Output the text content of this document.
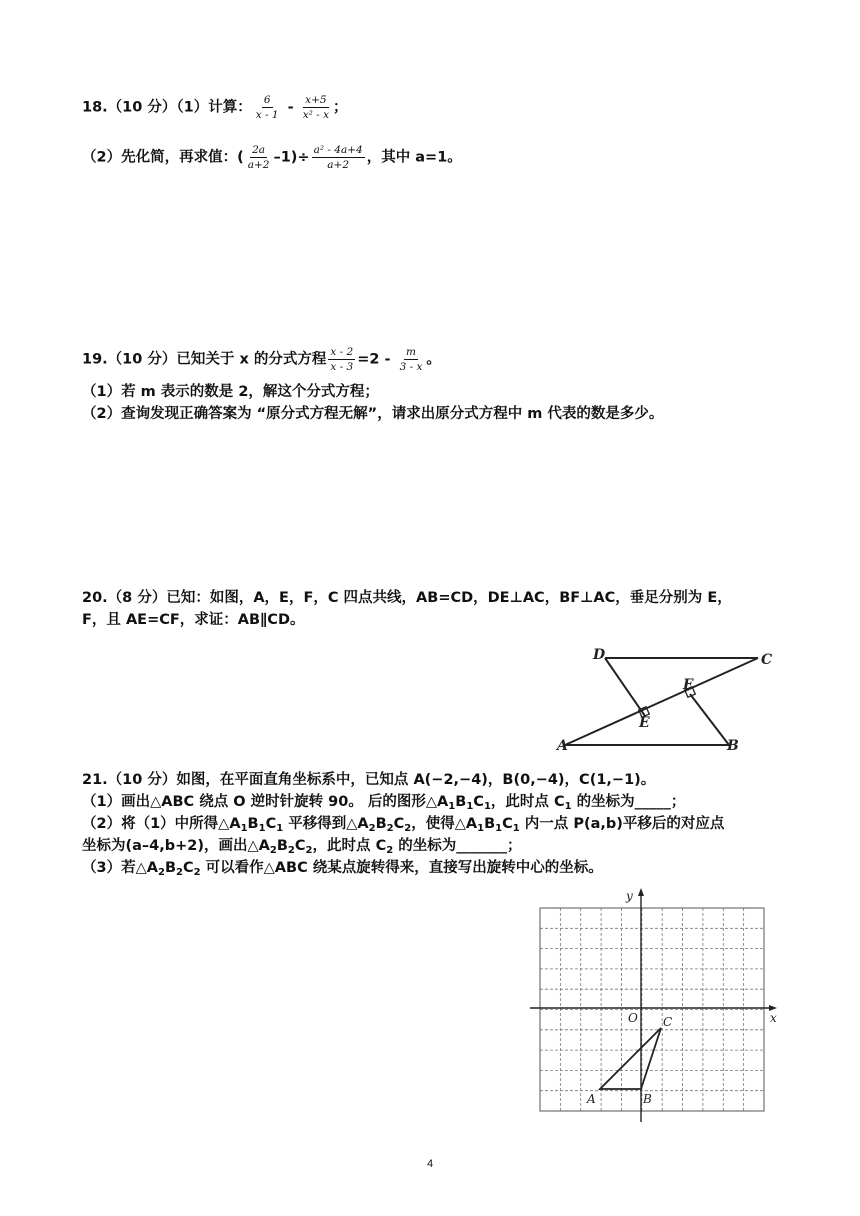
18.（10 分）（1）计算： $\frac{6}{x - 1} - \frac{x+5}{\text{x² - x}}$ ；
（2）先化简，再求值：( $\frac{2a}{a+2} -1)\div \frac{\text{a² - 4a+4}}{a+2}$ ，其中 a=1。
19.（10 分）已知关于 x 的分式方程 $\frac{x - 2}{x - 3} =2 - \frac{m}{3 - x}$ 。
（1）若 m 表示的数是 2，解这个分式方程；
（2）查询发现正确答案为 “原分式方程无解”，请求出原分式方程中 m 代表的数是多少。
20.（8 分）已知：如图，A，E，F，C 四点共线，AB=CD，DE⊥AC，BF⊥AC，垂足分别为 E，
F，且 AE=CF，求证：AB∥CD。
D	C
F
E
A	B
21.（10 分）如图，在平面直角坐标系中，已知点 A(−2,−4)，B(0,−4)，C(1,−1)。
（1）画出△ABC 绕点 O 逆时针旋转 90。 后的图形$\triangle A_1B_1C_1$，此时点 $C_1$ 的坐标为_____；
（2）将（1）中所得$\triangle A_1B_1C_1$ 平移得到$\triangle A_2B_2C_2$，使得$\triangle A_1B_1C_1$ 内一点 P(a,b)平移后的对应点
坐标为(a–4,b+2)，画出$\triangle A_2B_2C_2$，此时点 $C_2$ 的坐标为_______；
（3）若$\triangle A_2B_2C_2$ 可以看作△ABC 绕某点旋转得来，直接写出旋转中心的坐标。
x
y
O
A	B
C
4
